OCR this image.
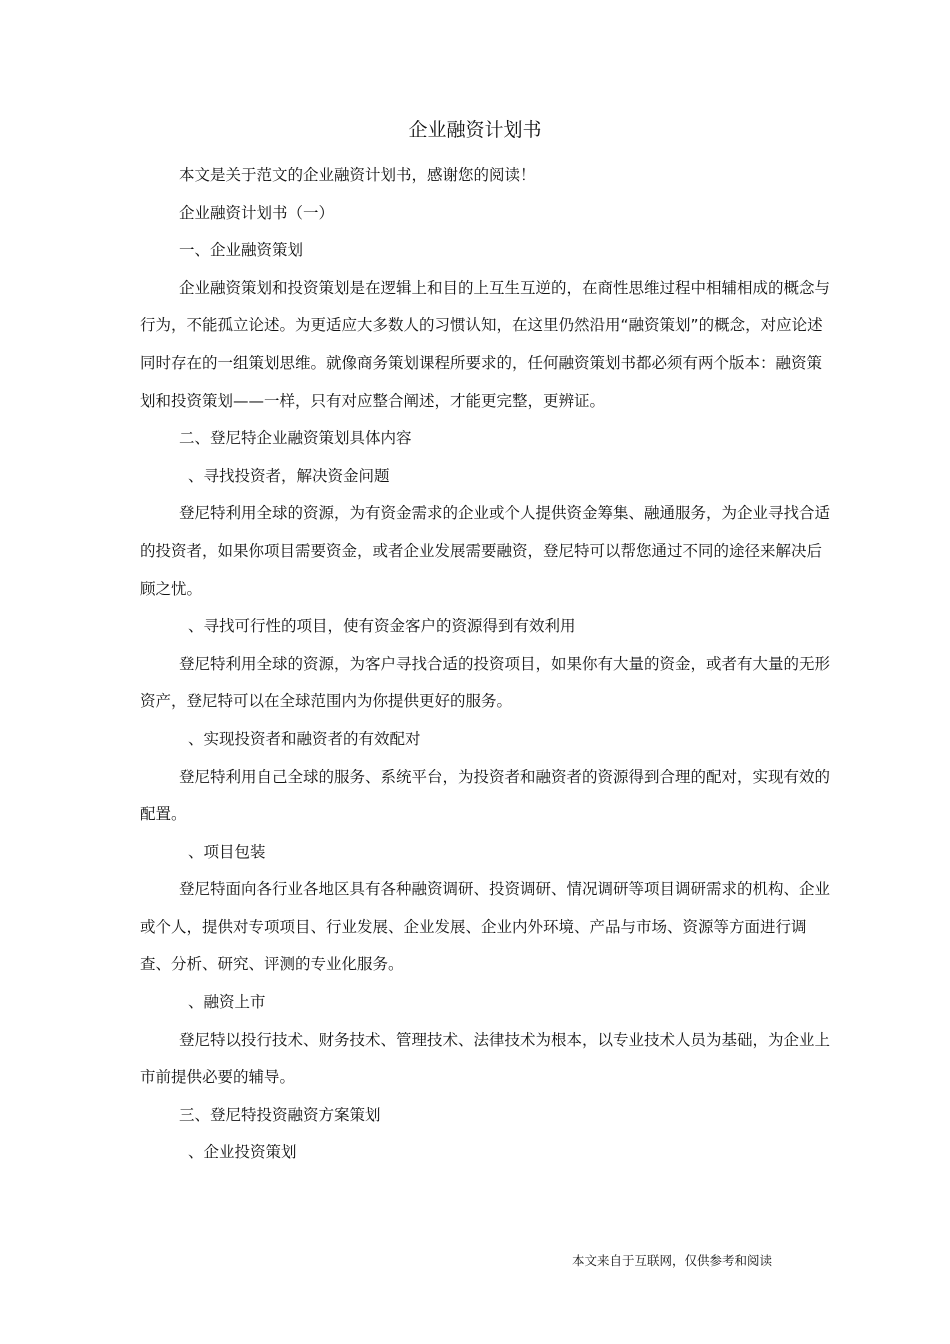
企业融资计划书

本文是关于范文的企业融资计划书，感谢您的阅读！

企业融资计划书（一）

一、企业融资策划

企业融资策划和投资策划是在逻辑上和目的上互生互逆的，在商性思维过程中相辅相成的概念与行为，不能孤立论述。为更适应大多数人的习惯认知，在这里仍然沿用“融资策划”的概念，对应论述同时存在的一组策划思维。就像商务策划课程所要求的，任何融资策划书都必须有两个版本：融资策划和投资策划——一样，只有对应整合阐述，才能更完整，更辨证。

二、登尼特企业融资策划具体内容

、寻找投资者，解决资金问题

登尼特利用全球的资源，为有资金需求的企业或个人提供资金筹集、融通服务，为企业寻找合适的投资者，如果你项目需要资金，或者企业发展需要融资，登尼特可以帮您通过不同的途径来解决后顾之忧。

、寻找可行性的项目，使有资金客户的资源得到有效利用

登尼特利用全球的资源，为客户寻找合适的投资项目，如果你有大量的资金，或者有大量的无形资产，登尼特可以在全球范围内为你提供更好的服务。

、实现投资者和融资者的有效配对

登尼特利用自己全球的服务、系统平台，为投资者和融资者的资源得到合理的配对，实现有效的配置。

、项目包装

登尼特面向各行业各地区具有各种融资调研、投资调研、情况调研等项目调研需求的机构、企业或个人，提供对专项项目、行业发展、企业发展、企业内外环境、产品与市场、资源等方面进行调查、分析、研究、评测的专业化服务。

、融资上市

登尼特以投行技术、财务技术、管理技术、法律技术为根本，以专业技术人员为基础，为企业上市前提供必要的辅导。

三、登尼特投资融资方案策划

、企业投资策划

本文来自于互联网，仅供参考和阅读
